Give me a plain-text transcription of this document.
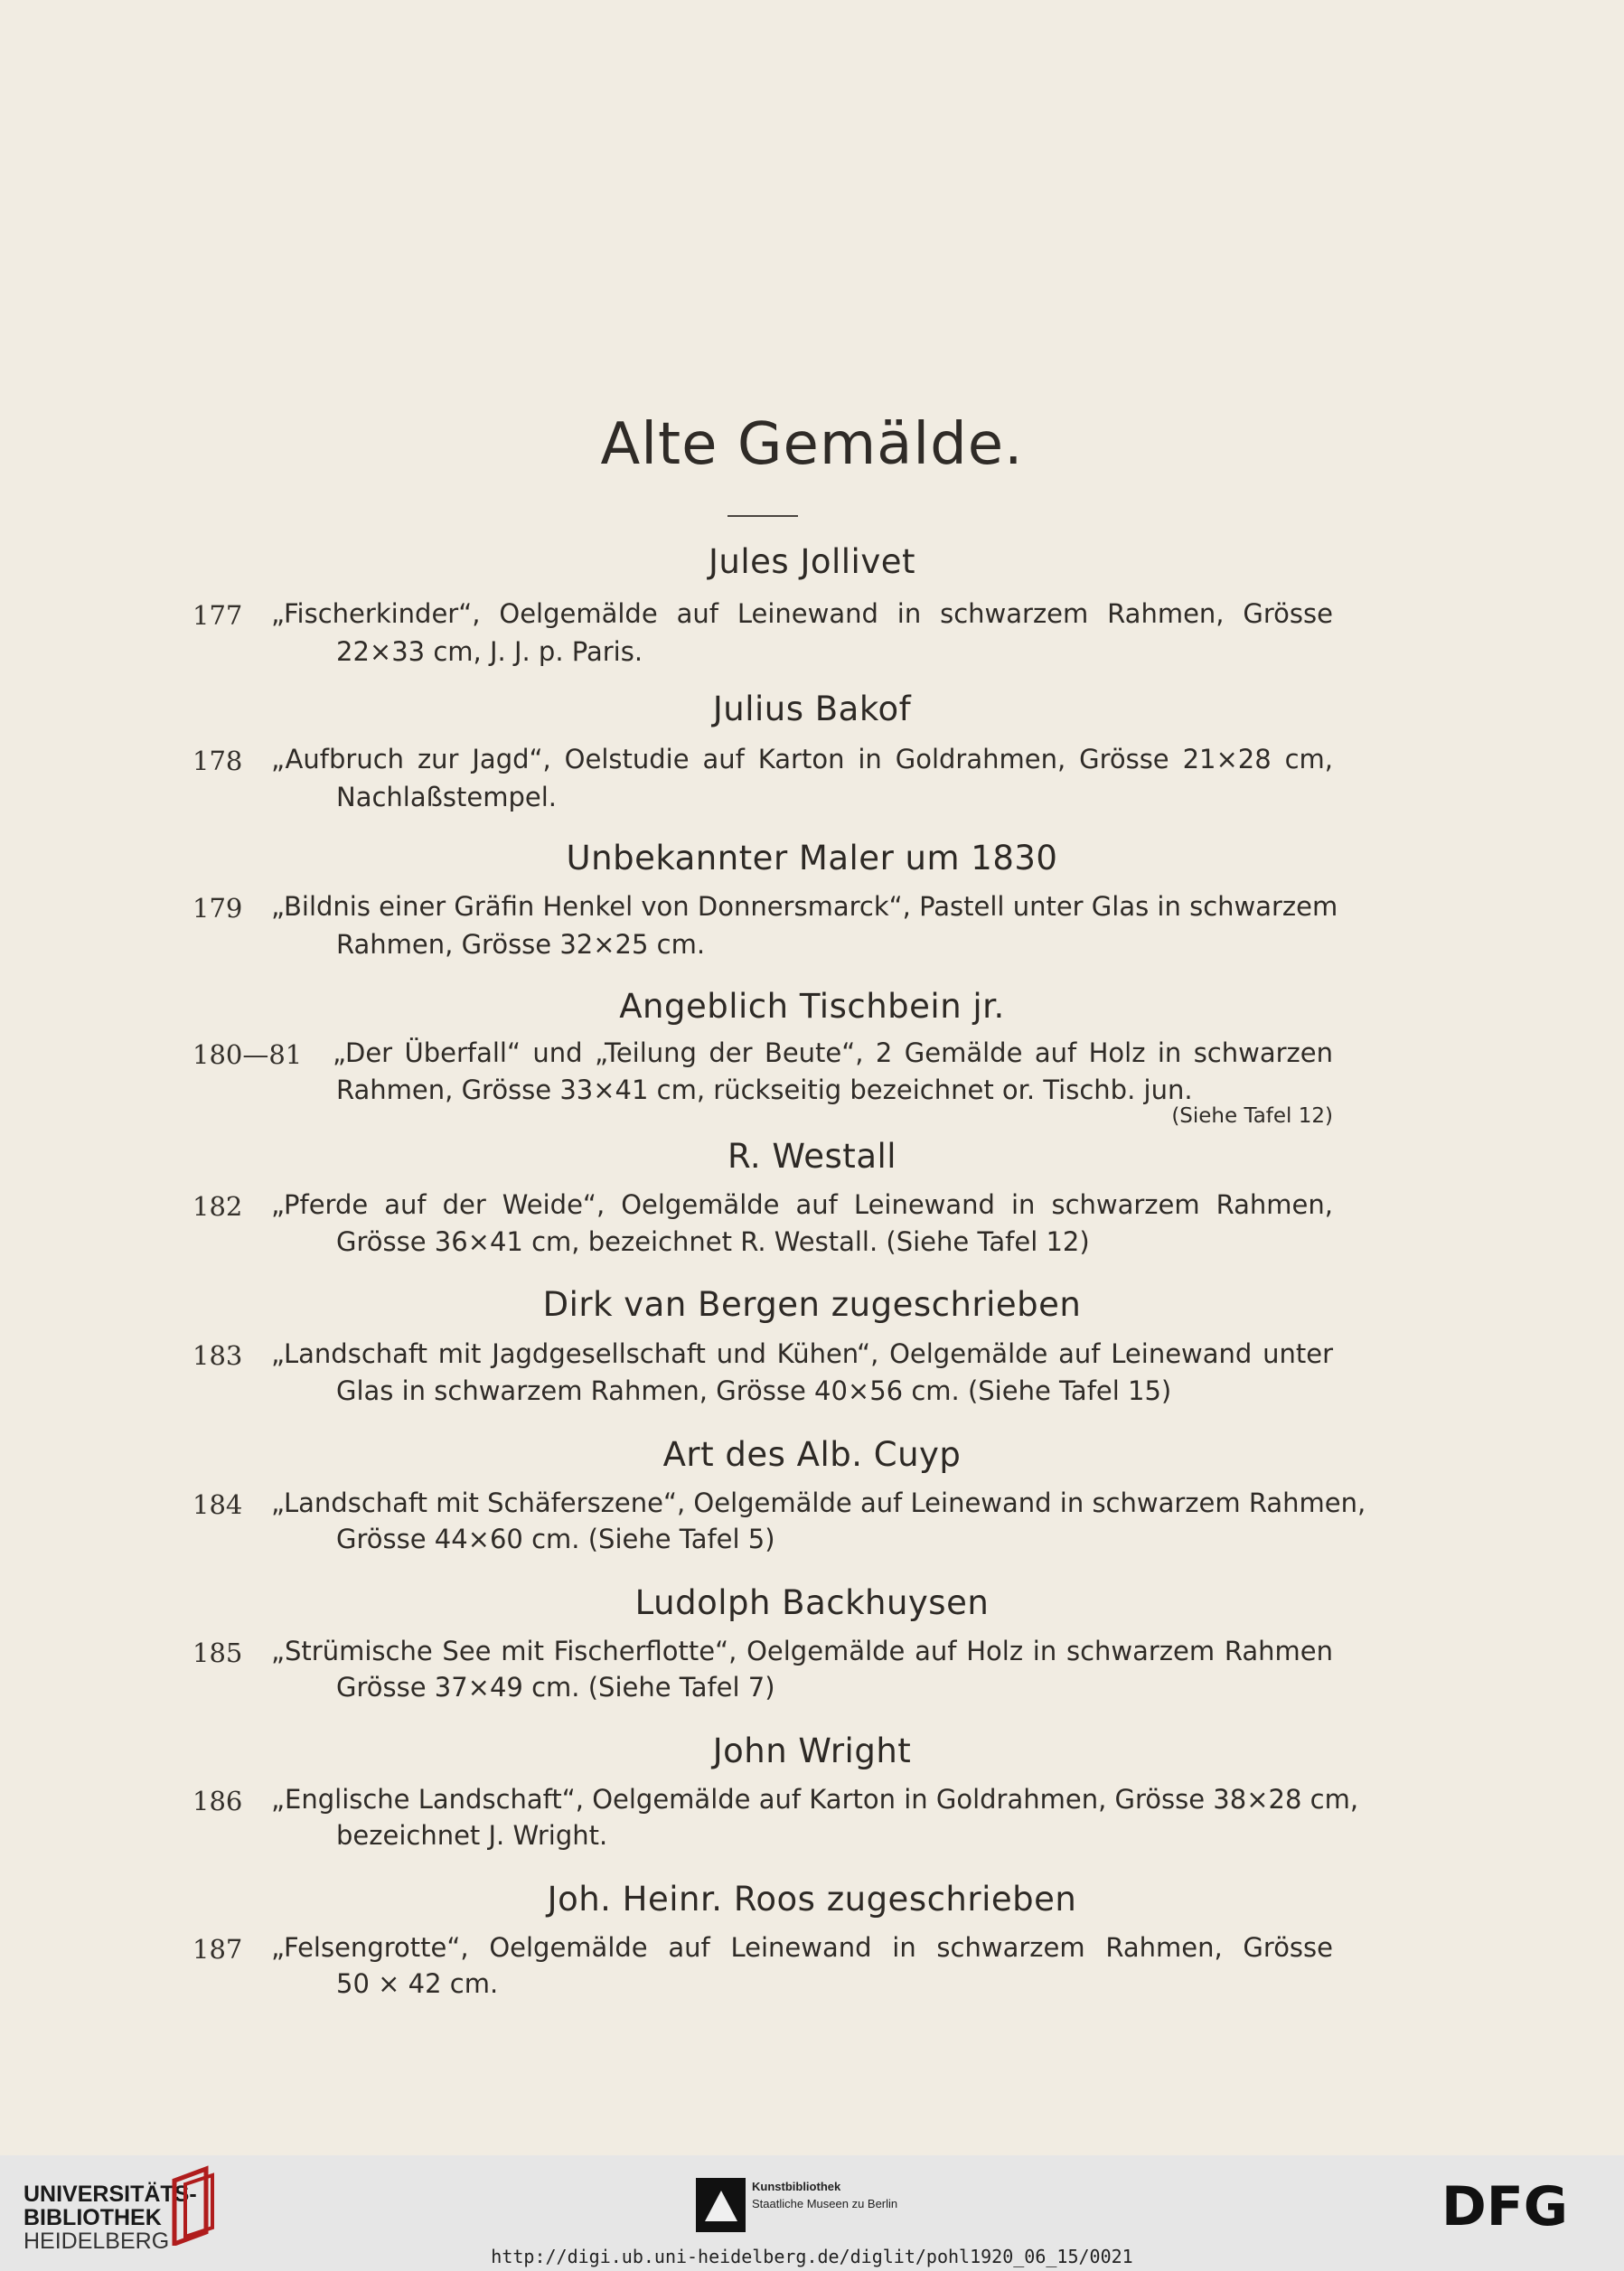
Alte Gemälde.
Jules Jollivet
177 „Fischerkinder“, Oelgemälde auf Leinewand in schwarzem Rahmen, Grösse
22×33 cm, J. J. p. Paris.
Julius Bakof
178 „Aufbruch zur Jagd“, Oelstudie auf Karton in Goldrahmen, Grösse 21×28 cm,
Nachlaßstempel.
Unbekannter Maler um 1830
179 „Bildnis einer Gräfin Henkel von Donnersmarck“, Pastell unter Glas in schwarzem
Rahmen, Grösse 32×25 cm.
Angeblich Tischbein jr.
180—81 „Der Überfall“ und „Teilung der Beute“, 2 Gemälde auf Holz in schwarzen
Rahmen, Grösse 33×41 cm, rückseitig bezeichnet or. Tischb. jun.
(Siehe Tafel 12)
R. Westall
182 „Pferde auf der Weide“, Oelgemälde auf Leinewand in schwarzem Rahmen,
Grösse 36×41 cm, bezeichnet R. Westall. (Siehe Tafel 12)
Dirk van Bergen zugeschrieben
183 „Landschaft mit Jagdgesellschaft und Kühen“, Oelgemälde auf Leinewand unter
Glas in schwarzem Rahmen, Grösse 40×56 cm. (Siehe Tafel 15)
Art des Alb. Cuyp
184 „Landschaft mit Schäferszene“, Oelgemälde auf Leinewand in schwarzem Rahmen,
Grösse 44×60 cm. (Siehe Tafel 5)
Ludolph Backhuysen
185 „Strümische See mit Fischerflotte“, Oelgemälde auf Holz in schwarzem Rahmen
Grösse 37×49 cm. (Siehe Tafel 7)
John Wright
186 „Englische Landschaft“, Oelgemälde auf Karton in Goldrahmen, Grösse 38×28 cm,
bezeichnet J. Wright.
Joh. Heinr. Roos zugeschrieben
187 „Felsengrotte“, Oelgemälde auf Leinewand in schwarzem Rahmen, Grösse
50 × 42 cm.
UNIVERSITÄTS-
BIBLIOTHEK
HEIDELBERG
Kunstbibliothek
Staatliche Museen zu Berlin	DFG
http://digi.ub.uni-heidelberg.de/diglit/pohl1920_06_15/0021
